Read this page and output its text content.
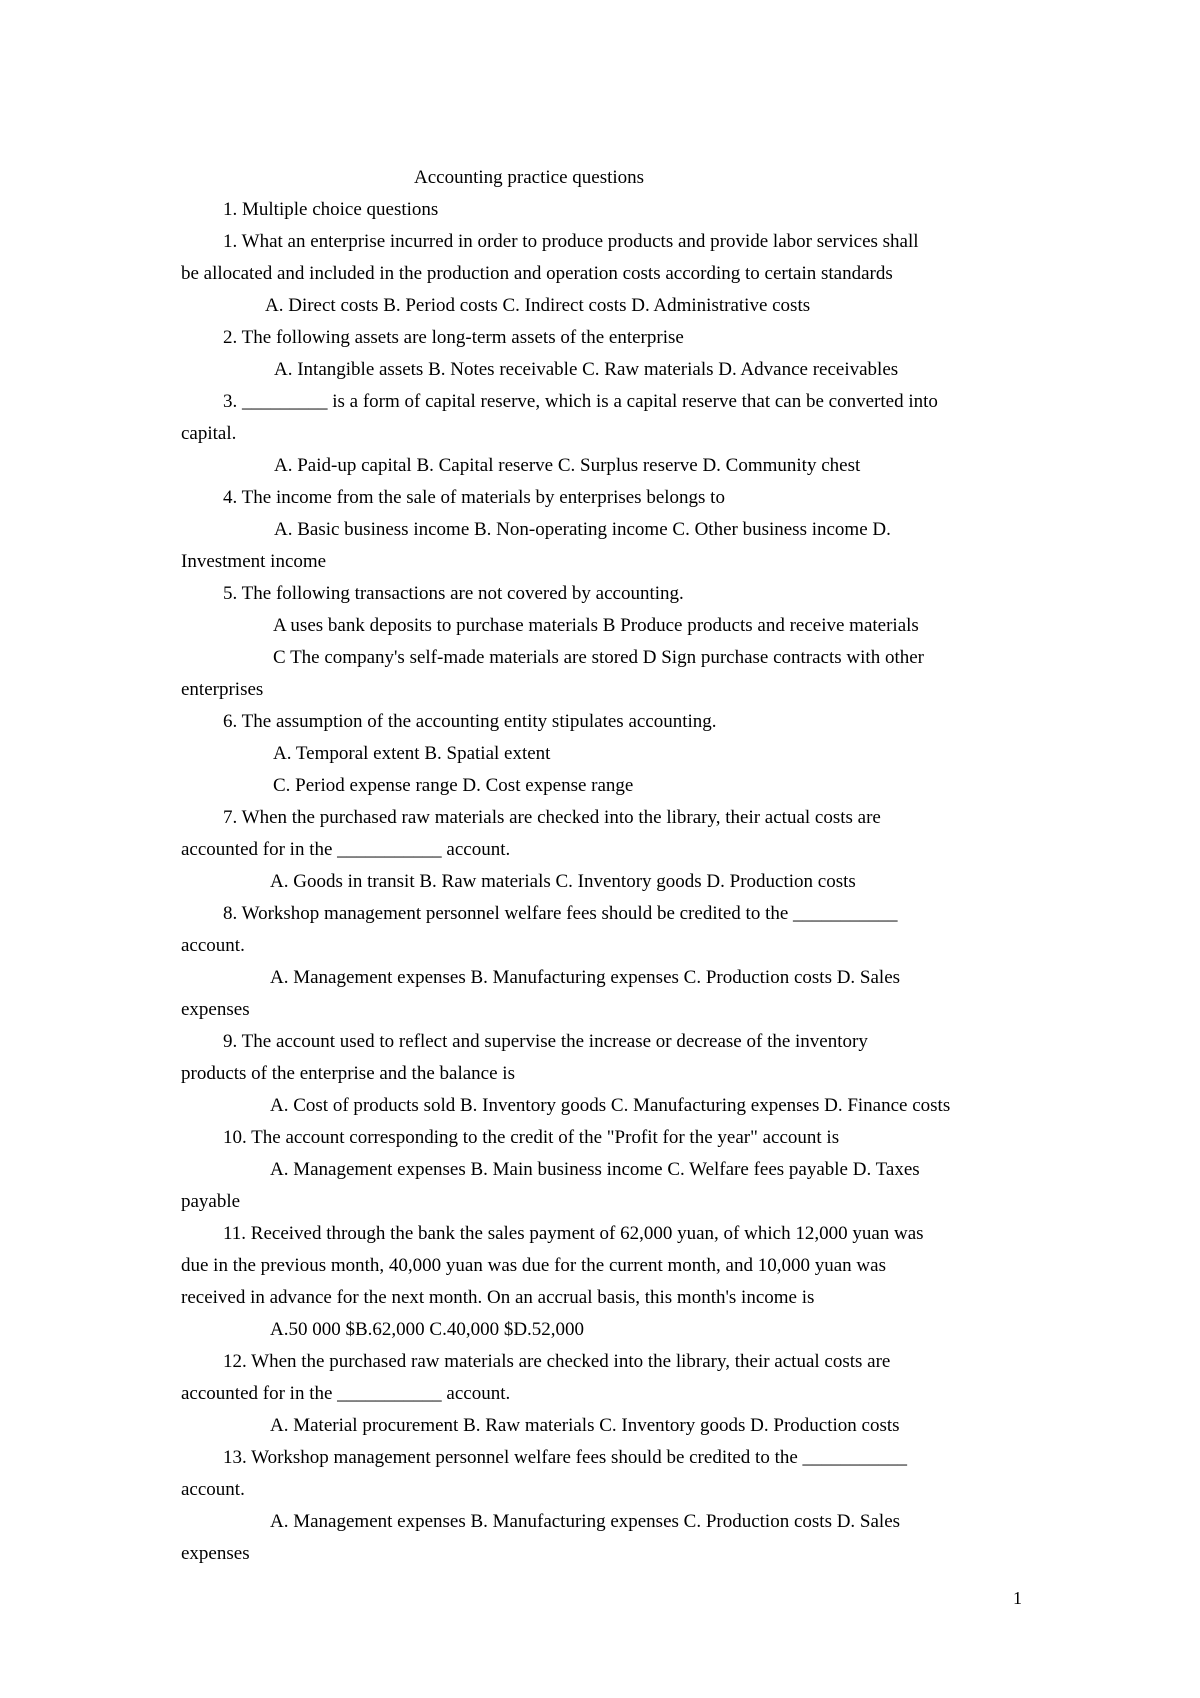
Accounting practice questions
1. Multiple choice questions
1. What an enterprise incurred in order to produce products and provide labor services shall
be allocated and included in the production and operation costs according to certain standards
A. Direct costs B. Period costs C. Indirect costs D. Administrative costs
2. The following assets are long-term assets of the enterprise
A. Intangible assets B. Notes receivable C. Raw materials D. Advance receivables
3. _________ is a form of capital reserve, which is a capital reserve that can be converted into
capital.
A. Paid-up capital B. Capital reserve C. Surplus reserve D. Community chest
4. The income from the sale of materials by enterprises belongs to
A. Basic business income B. Non-operating income C. Other business income D.
Investment income
5. The following transactions are not covered by accounting.
A uses bank deposits to purchase materials B Produce products and receive materials
C The company's self-made materials are stored D Sign purchase contracts with other
enterprises
6. The assumption of the accounting entity stipulates accounting.
A. Temporal extent B. Spatial extent
C. Period expense range D. Cost expense range
7. When the purchased raw materials are checked into the library, their actual costs are
accounted for in the ___________ account.
A. Goods in transit B. Raw materials C. Inventory goods D. Production costs
8. Workshop management personnel welfare fees should be credited to the ___________
account.
A. Management expenses B. Manufacturing expenses C. Production costs D. Sales
expenses
9. The account used to reflect and supervise the increase or decrease of the inventory
products of the enterprise and the balance is
A. Cost of products sold B. Inventory goods C. Manufacturing expenses D. Finance costs
10. The account corresponding to the credit of the "Profit for the year" account is
A. Management expenses B. Main business income C. Welfare fees payable D. Taxes
payable
11. Received through the bank the sales payment of 62,000 yuan, of which 12,000 yuan was
due in the previous month, 40,000 yuan was due for the current month, and 10,000 yuan was
received in advance for the next month. On an accrual basis, this month's income is
A.50 000 $B.62,000 C.40,000 $D.52,000
12. When the purchased raw materials are checked into the library, their actual costs are
accounted for in the ___________ account.
A. Material procurement B. Raw materials C. Inventory goods D. Production costs
13. Workshop management personnel welfare fees should be credited to the ___________
account.
A. Management expenses B. Manufacturing expenses C. Production costs D. Sales
expenses
1
